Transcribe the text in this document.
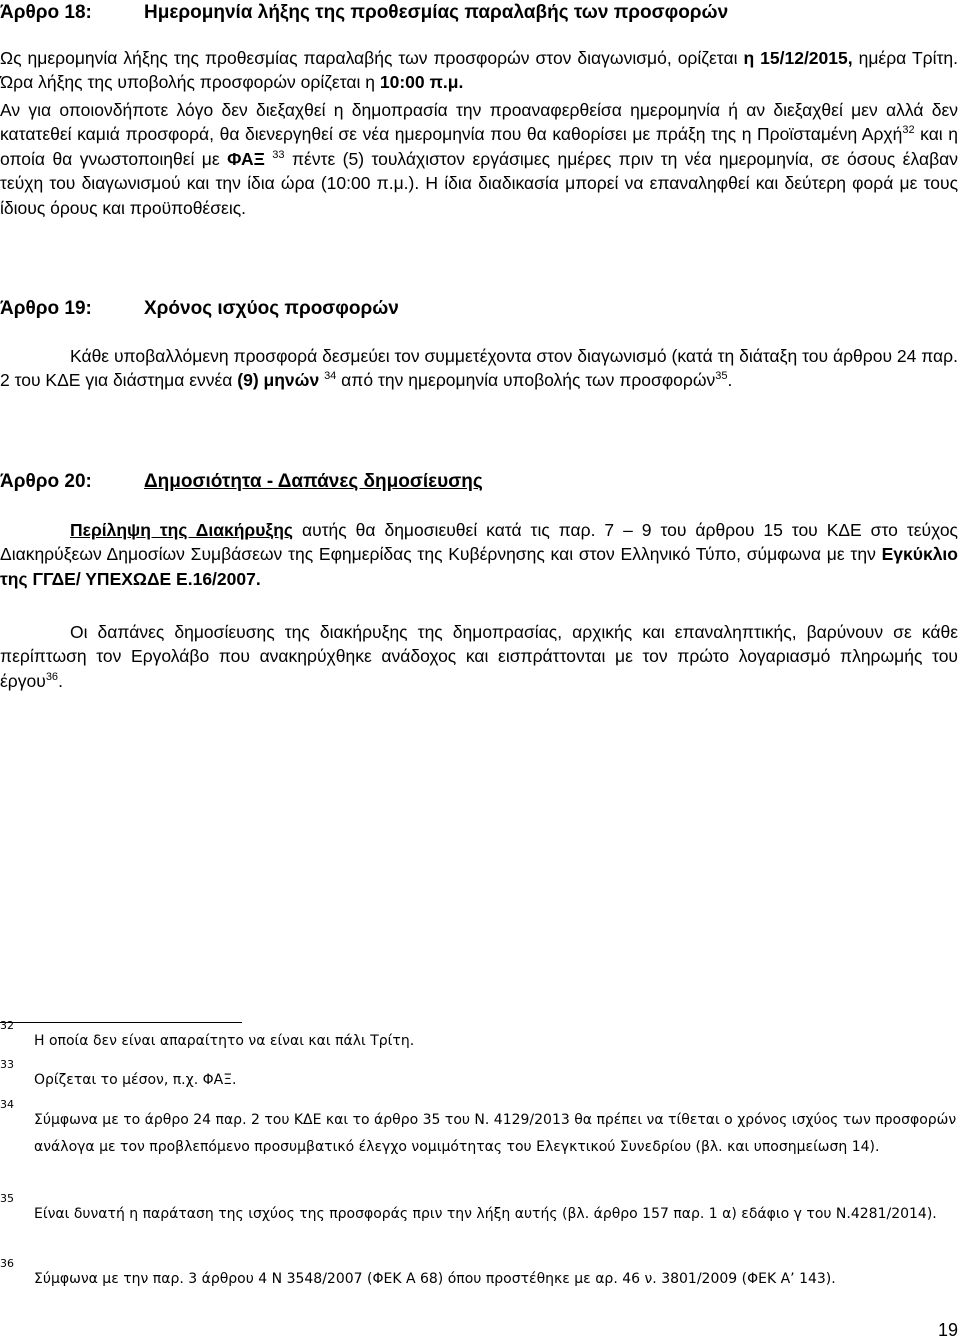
Άρθρο 18:	Ημερομηνία λήξης της προθεσμίας παραλαβής των προσφορών

Ως ημερομηνία λήξης της προθεσμίας παραλαβής των προσφορών στον διαγωνισμό, ορίζεται η 15/12/2015, ημέρα Τρίτη. Ώρα λήξης της υποβολής προσφορών ορίζεται η 10:00 π.μ.

Αν για οποιονδήποτε λόγο δεν διεξαχθεί η δημοπρασία την προαναφερθείσα ημερομηνία ή αν διεξαχθεί μεν αλλά δεν κατατεθεί καμιά προσφορά, θα διενεργηθεί σε νέα ημερομηνία που θα καθορίσει με πράξη της η Προϊσταμένη Αρχή$^{32}$ και η οποία θα γνωστοποιηθεί με ΦΑΞ $^{33}$ πέντε (5) τουλάχιστον εργάσιμες ημέρες πριν τη νέα ημερομηνία, σε όσους έλαβαν τεύχη του διαγωνισμού και την ίδια ώρα (10:00 π.μ.). Η ίδια διαδικασία μπορεί να επαναληφθεί και δεύτερη φορά με τους ίδιους όρους και προϋποθέσεις.

Άρθρο 19:	Χρόνος ισχύος προσφορών

Κάθε υποβαλλόμενη προσφορά δεσμεύει τον συμμετέχοντα στον διαγωνισμό (κατά τη διάταξη του άρθρου 24 παρ. 2 του ΚΔΕ για διάστημα εννέα (9) μηνών $^{34}$ από την ημερομηνία υποβολής των προσφορών$^{35}$.

Άρθρο 20:	Δημοσιότητα - Δαπάνες δημοσίευσης

Περίληψη της Διακήρυξης αυτής θα δημοσιευθεί κατά τις παρ. 7 – 9 του άρθρου 15 του ΚΔΕ στο τεύχος Διακηρύξεων Δημοσίων Συμβάσεων της Εφημερίδας της Κυβέρνησης και στον Ελληνικό Τύπο, σύμφωνα με την Εγκύκλιο της ΓΓΔΕ/ ΥΠΕΧΩΔΕ Ε.16/2007.

Οι δαπάνες δημοσίευσης της διακήρυξης της δημοπρασίας, αρχικής και επαναληπτικής, βαρύνουν σε κάθε περίπτωση τον Εργολάβο που ανακηρύχθηκε ανάδοχος και εισπράττονται με τον πρώτο λογαριασμό πληρωμής του έργου$^{36}$.

32
Η οποία δεν είναι απαραίτητο να είναι και πάλι Τρίτη.
33
Ορίζεται το μέσον, π.χ. ΦΑΞ.
34
Σύμφωνα με το άρθρο 24 παρ. 2 του ΚΔΕ και το άρθρο 35 του Ν. 4129/2013 θα πρέπει να τίθεται ο χρόνος ισχύος των προσφορών ανάλογα με τον προβλεπόμενο προσυμβατικό έλεγχο νομιμότητας του Ελεγκτικού Συνεδρίου (βλ. και υποσημείωση 14).
35
Είναι δυνατή η παράταση της ισχύος της προσφοράς πριν την λήξη αυτής (βλ. άρθρο 157 παρ. 1 α) εδάφιο γ του Ν.4281/2014).
36
Σύμφωνα με την παρ. 3 άρθρου 4 Ν 3548/2007 (ΦΕΚ Α 68) όπου προστέθηκε με αρ. 46 ν. 3801/2009 (ΦΕΚ Α’ 143).
19
